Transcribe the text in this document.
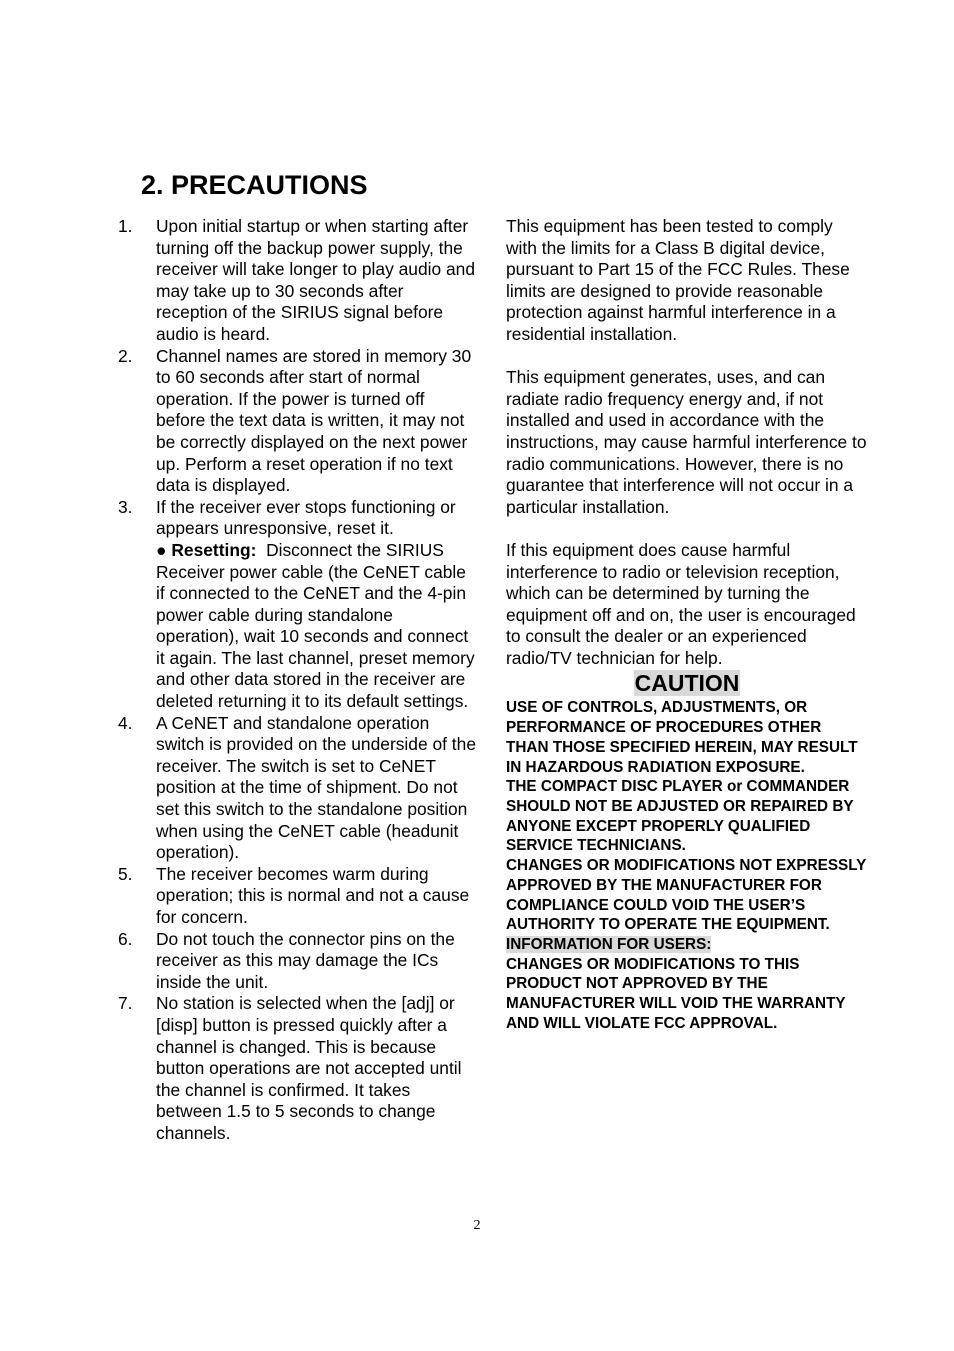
2. PRECAUTIONS
1. Upon initial startup or when starting after turning off the backup power supply, the receiver will take longer to play audio and may take up to 30 seconds after reception of the SIRIUS signal before audio is heard.
2. Channel names are stored in memory 30 to 60 seconds after start of normal operation. If the power is turned off before the text data is written, it may not be correctly displayed on the next power up. Perform a reset operation if no text data is displayed.
3. If the receiver ever stops functioning or appears unresponsive, reset it.
● Resetting: Disconnect the SIRIUS Receiver power cable (the CeNET cable if connected to the CeNET and the 4-pin power cable during standalone operation), wait 10 seconds and connect it again. The last channel, preset memory and other data stored in the receiver are deleted returning it to its default settings.
4. A CeNET and standalone operation switch is provided on the underside of the receiver. The switch is set to CeNET position at the time of shipment. Do not set this switch to the standalone position when using the CeNET cable (headunit operation).
5. The receiver becomes warm during operation; this is normal and not a cause for concern.
6. Do not touch the connector pins on the receiver as this may damage the ICs inside the unit.
7. No station is selected when the [adj] or [disp] button is pressed quickly after a channel is changed. This is because button operations are not accepted until the channel is confirmed. It takes between 1.5 to 5 seconds to change channels.

This equipment has been tested to comply with the limits for a Class B digital device, pursuant to Part 15 of the FCC Rules. These limits are designed to provide reasonable protection against harmful interference in a residential installation.

This equipment generates, uses, and can radiate radio frequency energy and, if not installed and used in accordance with the instructions, may cause harmful interference to radio communications. However, there is no guarantee that interference will not occur in a particular installation.

If this equipment does cause harmful interference to radio or television reception, which can be determined by turning the equipment off and on, the user is encouraged to consult the dealer or an experienced radio/TV technician for help.

CAUTION

USE OF CONTROLS, ADJUSTMENTS, OR PERFORMANCE OF PROCEDURES OTHER THAN THOSE SPECIFIED HEREIN, MAY RESULT IN HAZARDOUS RADIATION EXPOSURE.

THE COMPACT DISC PLAYER or COMMANDER SHOULD NOT BE ADJUSTED OR REPAIRED BY ANYONE EXCEPT PROPERLY QUALIFIED SERVICE TECHNICIANS.

CHANGES OR MODIFICATIONS NOT EXPRESSLY APPROVED BY THE MANUFACTURER FOR COMPLIANCE COULD VOID THE USER’S AUTHORITY TO OPERATE THE EQUIPMENT.

INFORMATION FOR USERS:

CHANGES OR MODIFICATIONS TO THIS PRODUCT NOT APPROVED BY THE MANUFACTURER WILL VOID THE WARRANTY AND WILL VIOLATE FCC APPROVAL.

2
